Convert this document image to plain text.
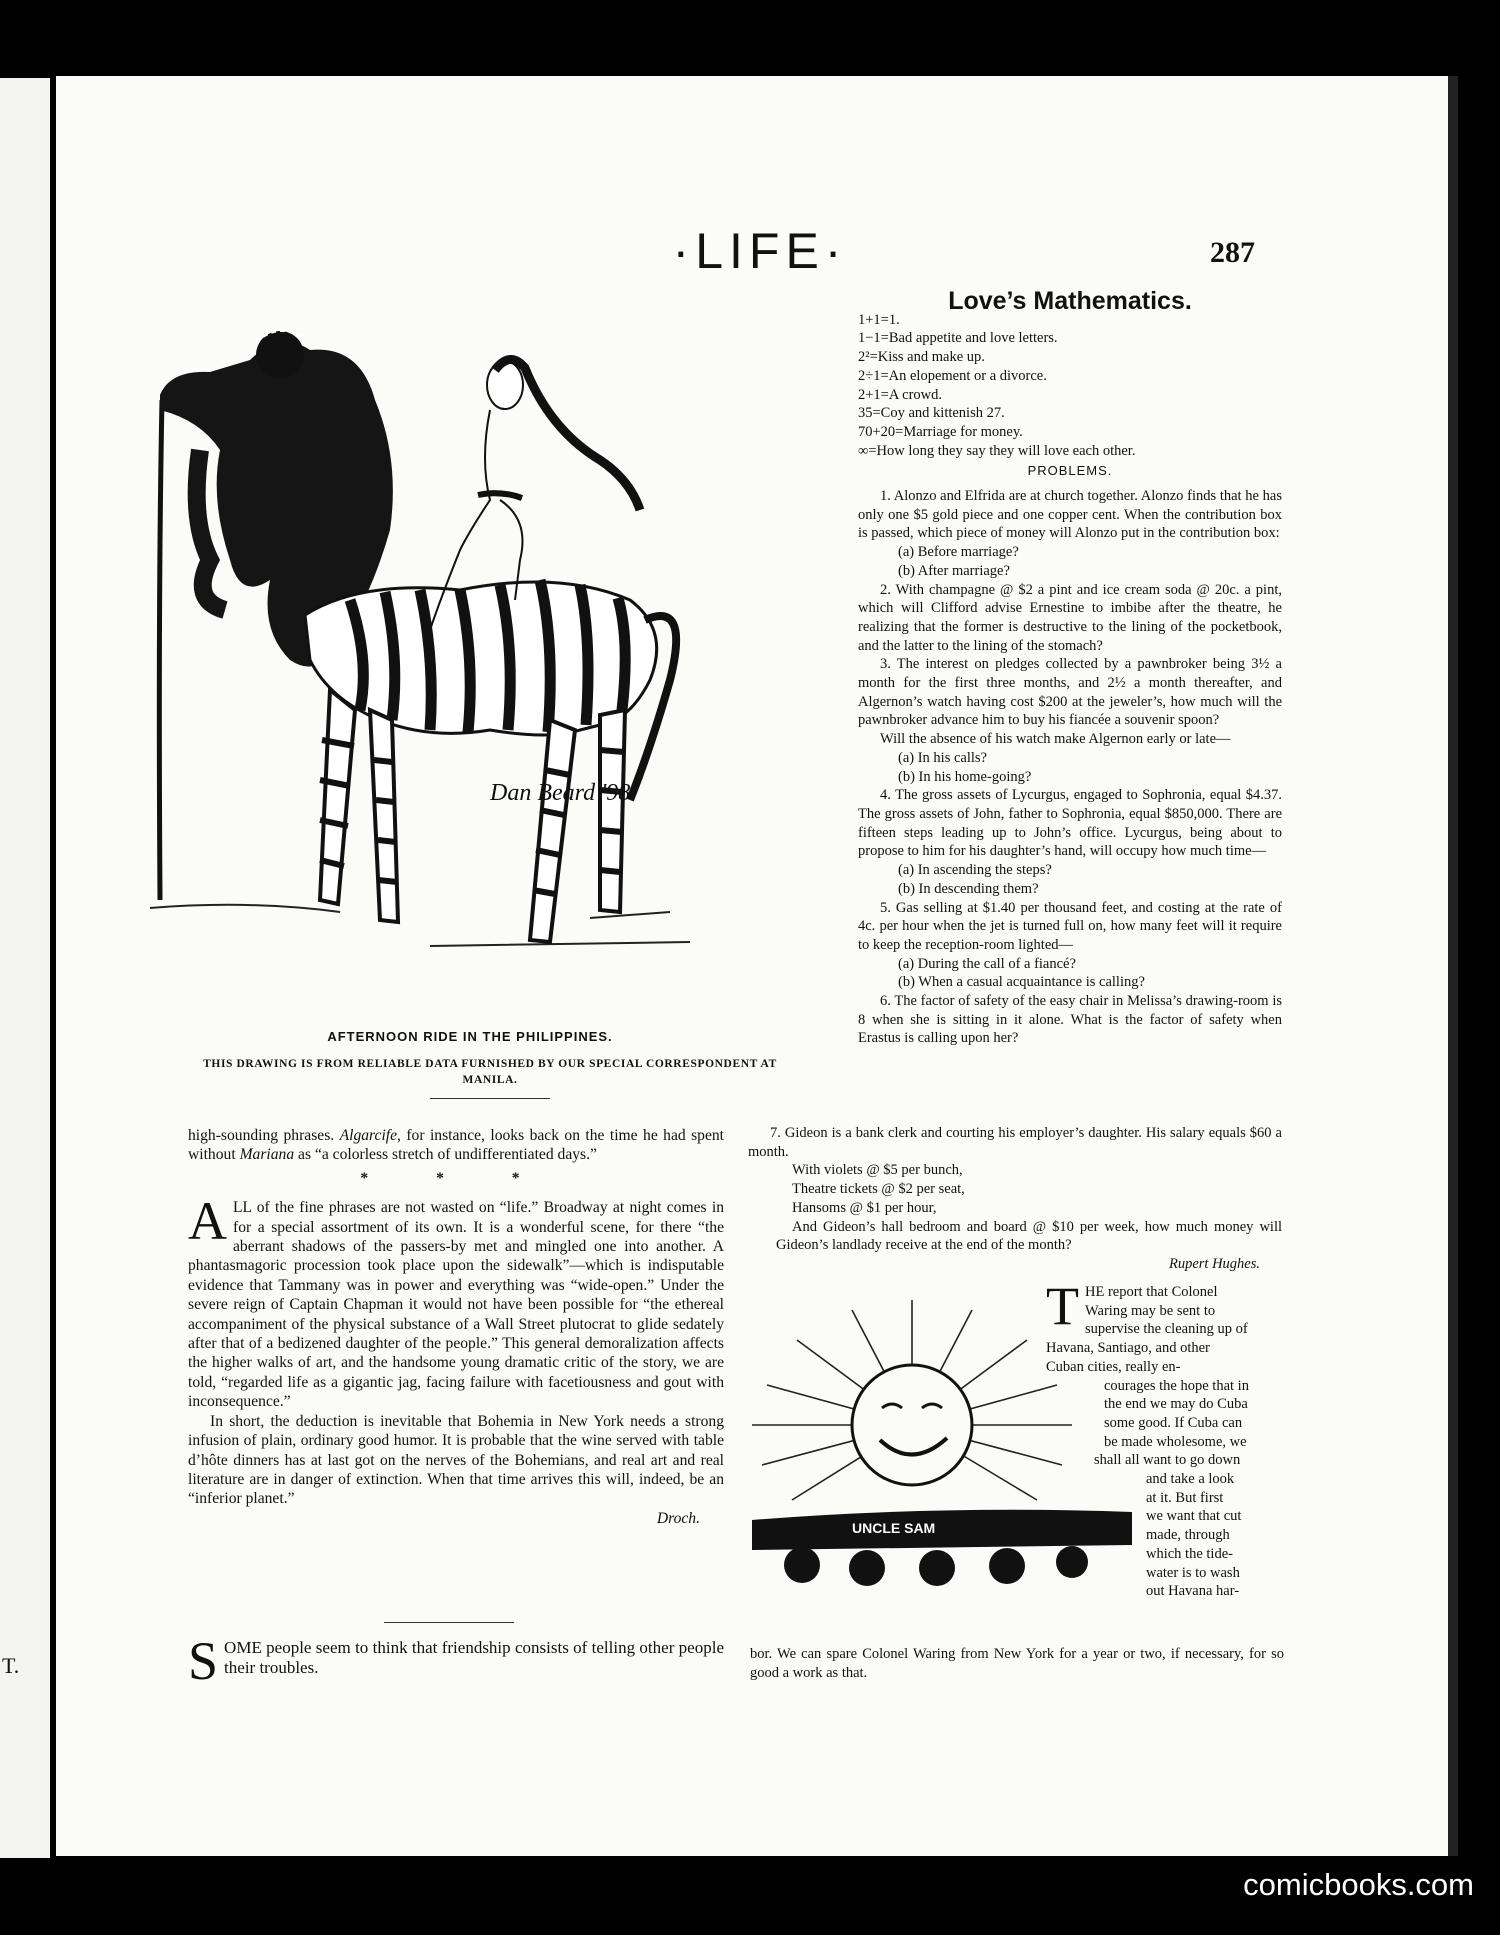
T.
·LIFE·	287
Dan Beard '98
AFTERNOON RIDE IN THE PHILIPPINES.
THIS DRAWING IS FROM RELIABLE DATA FURNISHED BY OUR SPECIAL CORRESPONDENT AT MANILA.

high-sounding phrases. Algarcife, for instance, looks back on the time he had spent without Mariana as “a colorless stretch of undifferentiated days.”

* * *

ALL of the fine phrases are not wasted on “life.” Broadway at night comes in for a special assortment of its own. It is a wonderful scene, for there “the aberrant shadows of the passers-by met and mingled one into another. A phantasmagoric procession took place upon the sidewalk”—which is indisputable evidence that Tammany was in power and everything was “wide-open.” Under the severe reign of Captain Chapman it would not have been possible for “the ethereal accompaniment of the physical substance of a Wall Street plutocrat to glide sedately after that of a bedizened daughter of the people.” This general demoralization affects the higher walks of art, and the handsome young dramatic critic of the story, we are told, “regarded life as a gigantic jag, facing failure with facetiousness and gout with inconsequence.”

In short, the deduction is inevitable that Bohemia in New York needs a strong infusion of plain, ordinary good humor. It is probable that the wine served with table d’hôte dinners has at last got on the nerves of the Bohemians, and real art and real literature are in danger of extinction. When that time arrives this will, indeed, be an “inferior planet.”

Droch.

SOME people seem to think that friendship consists of telling other people their troubles.
Love’s Mathematics.
1+1=1.
1−1=Bad appetite and love letters.
2²=Kiss and make up.
2÷1=An elopement or a divorce.
2+1=A crowd.
35=Coy and kittenish 27.
70+20=Marriage for money.
∞=How long they say they will love each other.
PROBLEMS.

1. Alonzo and Elfrida are at church together. Alonzo finds that he has only one $5 gold piece and one copper cent. When the contribution box is passed, which piece of money will Alonzo put in the contribution box:

(a) Before marriage?
(b) After marriage?

2. With champagne @ $2 a pint and ice cream soda @ 20c. a pint, which will Clifford advise Ernestine to imbibe after the theatre, he realizing that the former is destructive to the lining of the pocketbook, and the latter to the lining of the stomach?

3. The interest on pledges collected by a pawnbroker being 3½ a month for the first three months, and 2½ a month thereafter, and Algernon’s watch having cost $200 at the jeweler’s, how much will the pawnbroker advance him to buy his fiancée a souvenir spoon?

Will the absence of his watch make Algernon early or late—

(a) In his calls?
(b) In his home-going?

4. The gross assets of Lycurgus, engaged to Sophronia, equal $4.37. The gross assets of John, father to Sophronia, equal $850,000. There are fifteen steps leading up to John’s office. Lycurgus, being about to propose to him for his daughter’s hand, will occupy how much time—

(a) In ascending the steps?
(b) In descending them?

5. Gas selling at $1.40 per thousand feet, and costing at the rate of 4c. per hour when the jet is turned full on, how many feet will it require to keep the reception-room lighted—

(a) During the call of a fiancé?
(b) When a casual acquaintance is calling?

6. The factor of safety of the easy chair in Melissa’s drawing-room is 8 when she is sitting in it alone. What is the factor of safety when Erastus is calling upon her?

7. Gideon is a bank clerk and courting his employer’s daughter. His salary equals $60 a month.

With violets @ $5 per bunch,
Theatre tickets @ $2 per seat,
Hansoms @ $1 per hour,

And Gideon’s hall bedroom and board @ $10 per week, how much money will Gideon’s landlady receive at the end of the month?

Rupert Hughes.

UNCLE SAM
T HE report that Colonel
Waring may be sent to
supervise the cleaning up of
Havana, Santiago, and other
Cuban cities, really en-
courages the hope that in
the end we may do Cuba
some good. If Cuba can
be made wholesome, we
shall all want to go down
and take a look
at it. But first
we want that cut
made, through
which the tide-
water is to wash
out Havana har-
bor. We can spare Colonel Waring from New York for a year or two, if necessary, for so good a work as that.
comicbooks.com
